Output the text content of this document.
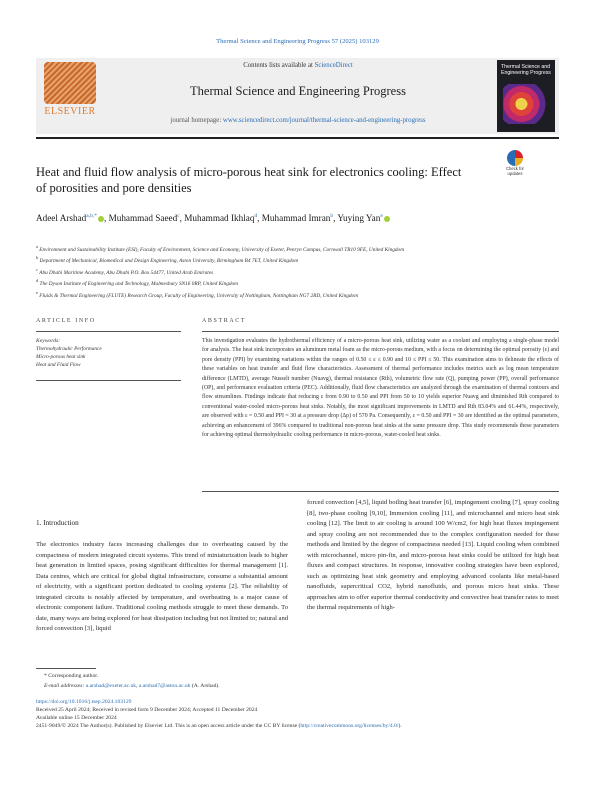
Thermal Science and Engineering Progress 57 (2025) 103129
ELSEVIER
Contents lists available at ScienceDirect
Thermal Science and Engineering Progress
Thermal Science and Engineering Progress
journal homepage: www.sciencedirect.com/journal/thermal-science-and-engineering-progress
Heat and fluid flow analysis of micro-porous heat sink for electronics cooling: Effect of porosities and pore densities
Check for updates
Adeel Arshad$^{a,b,*}$ , Muhammad Saeed$^c$, Muhammad Ikhlaq$^d$, Muhammad Imran$^b$, Yuying Yan$^e$
$^a$ Environment and Sustainability Institute (ESI), Faculty of Environment, Science and Economy, University of Exeter, Penryn Campus, Cornwall TR10 9FE, United Kingdom
$^b$ Department of Mechanical, Biomedical and Design Engineering, Aston University, Birmingham B4 7ET, United Kingdom
$^c$ Abu Dhabi Maritime Academy, Abu Dhabi P.O. Box 54477, United Arab Emirates
$^d$ The Dyson Institute of Engineering and Technology, Malmesbury SN16 0RP, United Kingdom
$^e$ Fluids & Thermal Engineering (FLUTE) Research Group, Faculty of Engineering, University of Nottingham, Nottingham NG7 2RD, United Kingdom
ARTICLE INFO	ABSTRACT
Keywords:
Thermohydraulic Performance
Micro-porous heat sink
Heat and Fluid Flow
This investigation evaluates the hydrothermal efficiency of a micro-porous heat sink, utilizing water as a coolant and employing a single-phase model for analysis. The heat sink incorporates an aluminum metal foam as the micro-porous medium, with a focus on determining the optimal porosity (ε) and pore density (PPI) by examining variations within the ranges of 0.50 ≤ ε ≤ 0.90 and 10 ≤ PPI ≤ 50. This examination aims to delineate the effects of these variables on heat transfer and fluid flow characteristics. Assessment of thermal performance includes metrics such as log mean temperature difference (LMTD), average Nusselt number (Nuavg), thermal resistance (Rth), volumetric flow rate (Q), pumping power (PP), overall performance (OP), and performance evaluation criteria (PEC). Additionally, fluid flow characteristics are analyzed through the examination of thermal contours and flow streamlines. Findings indicate that reducing ε from 0.90 to 0.50 and PPI from 50 to 10 yields superior Nuavg and diminished Rth compared to conventional water-cooled micro-porous heat sinks. Notably, the most significant improvements in LMTD and Rth 83.04% and 61.44%, respectively, are observed with ε = 0.50 and PPI = 30 at a pressure drop (Δp) of 570 Pa. Consequently, ε = 0.50 and PPI = 30 are identified as the optimal parameters, achieving an enhancement of 396% compared to traditional non-porous heat sinks at the same pressure drop. This study recommends these parameters for achieving optimal thermohydraulic cooling performance in micro-porous, water-cooled heat sinks.
1. Introduction
The electronics industry faces increasing challenges due to overheating caused by the compactness of modern integrated circuit systems. This trend of miniaturization leads to higher heat generation in limited spaces, posing significant difficulties for thermal management [1]. Data centres, which are critical for global digital infrastructure, consume a substantial amount of electricity, with a significant portion dedicated to cooling systems [2]. The reliability of integrated circuits is notably affected by temperature, and overheating is a major cause of electronic component failure. Traditional cooling methods struggle to meet these demands. To date, many ways are being explored for heat dissipation including but not limited to; natural and forced convection [3], liquid
forced convection [4,5], liquid boiling heat transfer [6], impingement cooling [7], spray cooling [8], two-phase cooling [9,10], Immersion cooling [11], and microchannel and micro heat sink cooling [12]. The limit to air cooling is around 100 W/cm2, for high heat fluxes impingement and spray cooling are not recommended due to the complex configuration needed for these methods and limited by the degree of compactness needed [13]. Liquid cooling when combined with microchannel, micro pin-fin, and micro-porous heat sinks could be utilized for high heat fluxes and compact structures. In response, innovative cooling strategies have been explored, such as optimizing heat sink geometry and employing advanced coolants like metal-based nanofluids, supercritical CO2, hybrid nanofluids, and porous micro heat sinks. These approaches aim to offer superior thermal conductivity and convective heat transfer rates to meet the thermal requirements of high-
* Corresponding author.
E-mail addresses: a.arshad@exeter.ac.uk, a.arshad7@aston.ac.uk (A. Arshad).
https://doi.org/10.1016/j.tsep.2024.103129
Received 25 April 2024; Received in revised form 9 December 2024; Accepted 11 December 2024
Available online 15 December 2024
2451-9049/© 2024 The Author(s). Published by Elsevier Ltd. This is an open access article under the CC BY license (http://creativecommons.org/licenses/by/4.0/).
